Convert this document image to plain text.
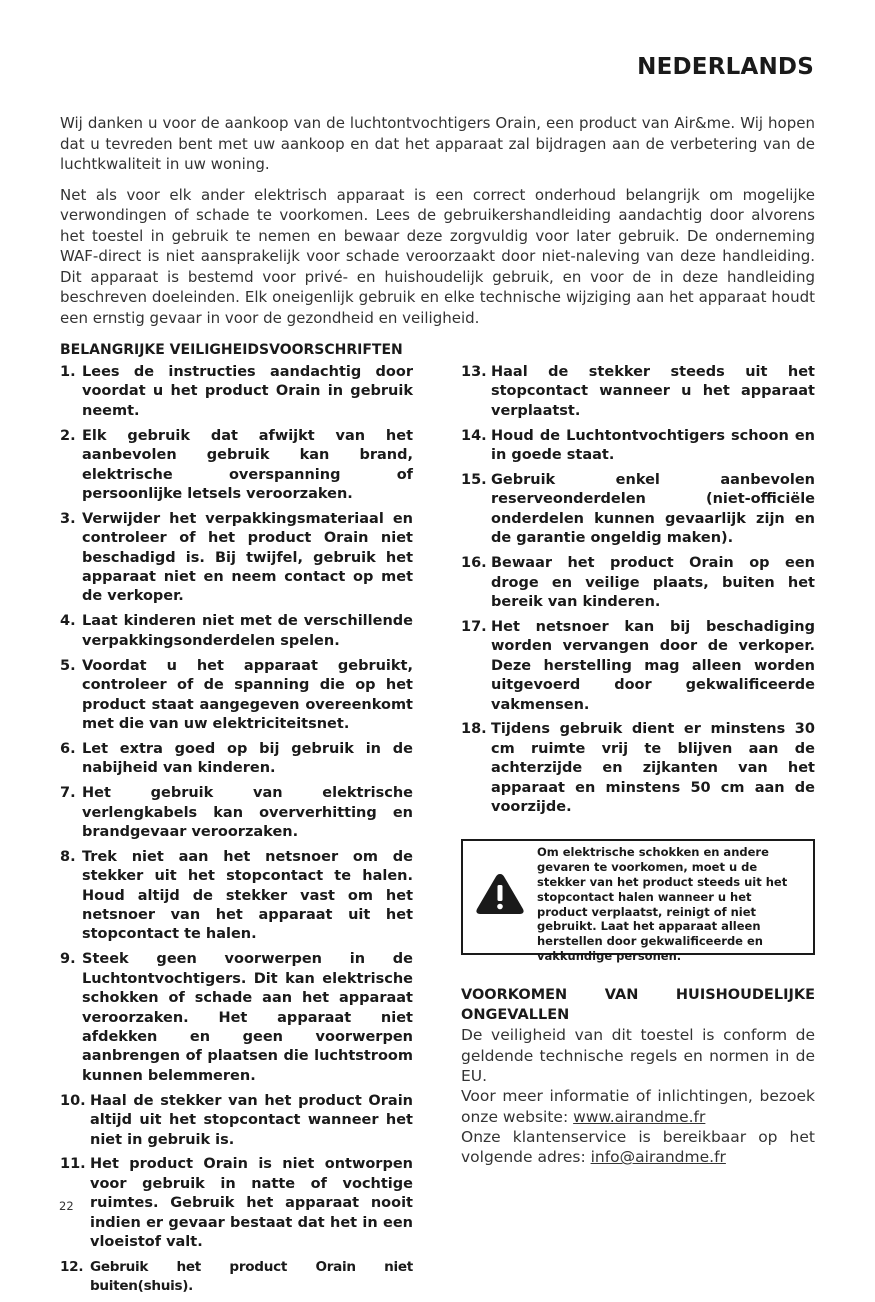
NEDERLANDS

Wij danken u voor de aankoop van de luchtontvochtigers Orain, een product van Air&me. Wij hopen dat u tevreden bent met uw aankoop en dat het apparaat zal bijdragen aan de verbetering van de luchtkwaliteit in uw woning.

Net als voor elk ander elektrisch apparaat is een correct onderhoud belangrijk om mogelijke verwondingen of schade te voorkomen. Lees de gebruikershandleiding aandachtig door alvorens het toestel in gebruik te nemen en bewaar deze zorgvuldig voor later gebruik. De onderneming WAF-direct is niet aansprakelijk voor schade veroorzaakt door niet-naleving van deze handleiding. Dit apparaat is bestemd voor privé- en huishoudelijk gebruik, en voor de in deze handleiding beschreven doeleinden. Elk oneigenlijk gebruik en elke technische wijziging aan het apparaat houdt een ernstig gevaar in voor de gezondheid en veiligheid.

BELANGRIJKE VEILIGHEIDSVOORSCHRIFTEN
1. Lees de instructies aandachtig door voordat u het product Orain in gebruik neemt.
2. Elk gebruik dat afwijkt van het aanbevolen gebruik kan brand, elektrische overspanning of persoonlijke letsels veroorzaken.
3. Verwijder het verpakkingsmateriaal en controleer of het product Orain niet beschadigd is. Bij twijfel, gebruik het apparaat niet en neem contact op met de verkoper.
4. Laat kinderen niet met de verschillende verpakkingsonderdelen spelen.
5. Voordat u het apparaat gebruikt, controleer of de spanning die op het product staat aangegeven overeenkomt met die van uw elektriciteitsnet.
6. Let extra goed op bij gebruik in de nabijheid van kinderen.
7. Het gebruik van elektrische verlengkabels kan oververhitting en brandgevaar veroorzaken.
8. Trek niet aan het netsnoer om de stekker uit het stopcontact te halen. Houd altijd de stekker vast om het netsnoer van het apparaat uit het stopcontact te halen.
9. Steek geen voorwerpen in de Luchtontvochtigers. Dit kan elektrische schokken of schade aan het apparaat veroorzaken. Het apparaat niet afdekken en geen voorwerpen aanbrengen of plaatsen die luchtstroom kunnen belemmeren.
10. Haal de stekker van het product Orain altijd uit het stopcontact wanneer het niet in gebruik is.
11. Het product Orain is niet ontworpen voor gebruik in natte of vochtige ruimtes. Gebruik het apparaat nooit indien er gevaar bestaat dat het in een vloeistof valt.
12. Gebruik het product Orain niet buiten(shuis).
13. Haal de stekker steeds uit het stopcontact wanneer u het apparaat verplaatst.
14. Houd de Luchtontvochtigers schoon en in goede staat.
15. Gebruik enkel aanbevolen reserveonderdelen (niet-officiële onderdelen kunnen gevaarlijk zijn en de garantie ongeldig maken).
16. Bewaar het product Orain op een droge en veilige plaats, buiten het bereik van kinderen.
17. Het netsnoer kan bij beschadiging worden vervangen door de verkoper. Deze herstelling mag alleen worden uitgevoerd door gekwalificeerde vakmensen.
18. Tijdens gebruik dient er minstens 30 cm ruimte vrij te blijven aan de achterzijde en zijkanten van het apparaat en minstens 50 cm aan de voorzijde.
Om elektrische schokken en andere gevaren te voorkomen, moet u de stekker van het product steeds uit het stopcontact halen wanneer u het product verplaatst, reinigt of niet gebruikt. Laat het apparaat alleen herstellen door gekwalificeerde en vakkundige personen.
VOORKOMEN VAN HUISHOUDELIJKE ONGEVALLEN

De veiligheid van dit toestel is conform de geldende technische regels en normen in de EU.

Voor meer informatie of inlichtingen, bezoek onze website: www.airandme.fr

Onze klantenservice is bereikbaar op het volgende adres: info@airandme.fr

22
